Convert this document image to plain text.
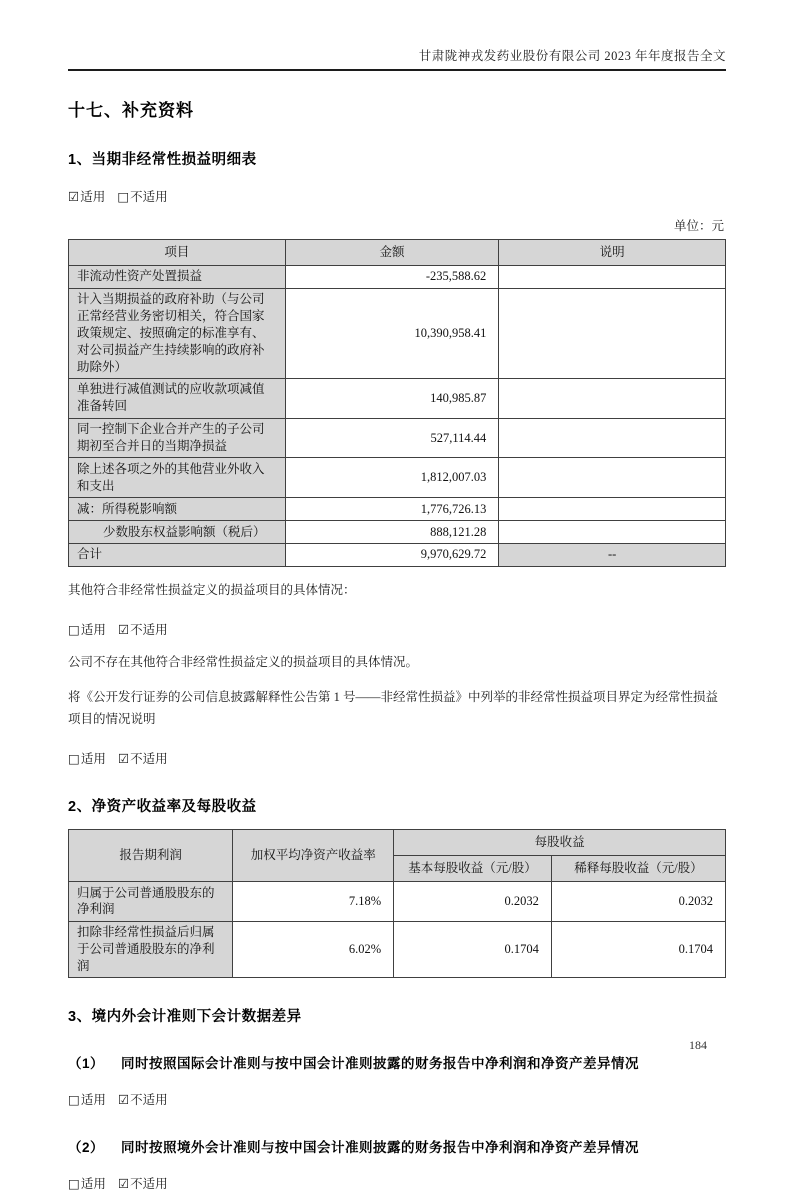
甘肃陇神戎发药业股份有限公司 2023 年年度报告全文
十七、补充资料
1、当期非经常性损益明细表

☑适用 □不适用

单位：元
项目	金额	说明
非流动性资产处置损益	-235,588.62	
计入当期损益的政府补助（与公司正常经营业务密切相关，符合国家政策规定、按照确定的标准享有、对公司损益产生持续影响的政府补助除外）	10,390,958.41	
单独进行减值测试的应收款项减值准备转回	140,985.87	
同一控制下企业合并产生的子公司期初至合并日的当期净损益	527,114.44	
除上述各项之外的其他营业外收入和支出	1,812,007.03	
减：所得税影响额	1,776,726.13	
少数股东权益影响额（税后）	888,121.28	
合计	9,970,629.72	--

其他符合非经常性损益定义的损益项目的具体情况：

□适用 ☑不适用

公司不存在其他符合非经常性损益定义的损益项目的具体情况。

将《公开发行证券的公司信息披露解释性公告第 1 号——非经常性损益》中列举的非经常性损益项目界定为经常性损益项目的情况说明

□适用 ☑不适用

2、净资产收益率及每股收益
报告期利润	加权平均净资产收益率	每股收益	
		基本每股收益（元/股）	稀释每股收益（元/股）
归属于公司普通股股东的净利润	7.18%	0.2032	0.2032
扣除非经常性损益后归属于公司普通股股东的净利润	6.02%	0.1704	0.1704
3、境内外会计准则下会计数据差异
（1） 同时按照国际会计准则与按中国会计准则披露的财务报告中净利润和净资产差异情况

□适用 ☑不适用

（2） 同时按照境外会计准则与按中国会计准则披露的财务报告中净利润和净资产差异情况

□适用 ☑不适用

184
